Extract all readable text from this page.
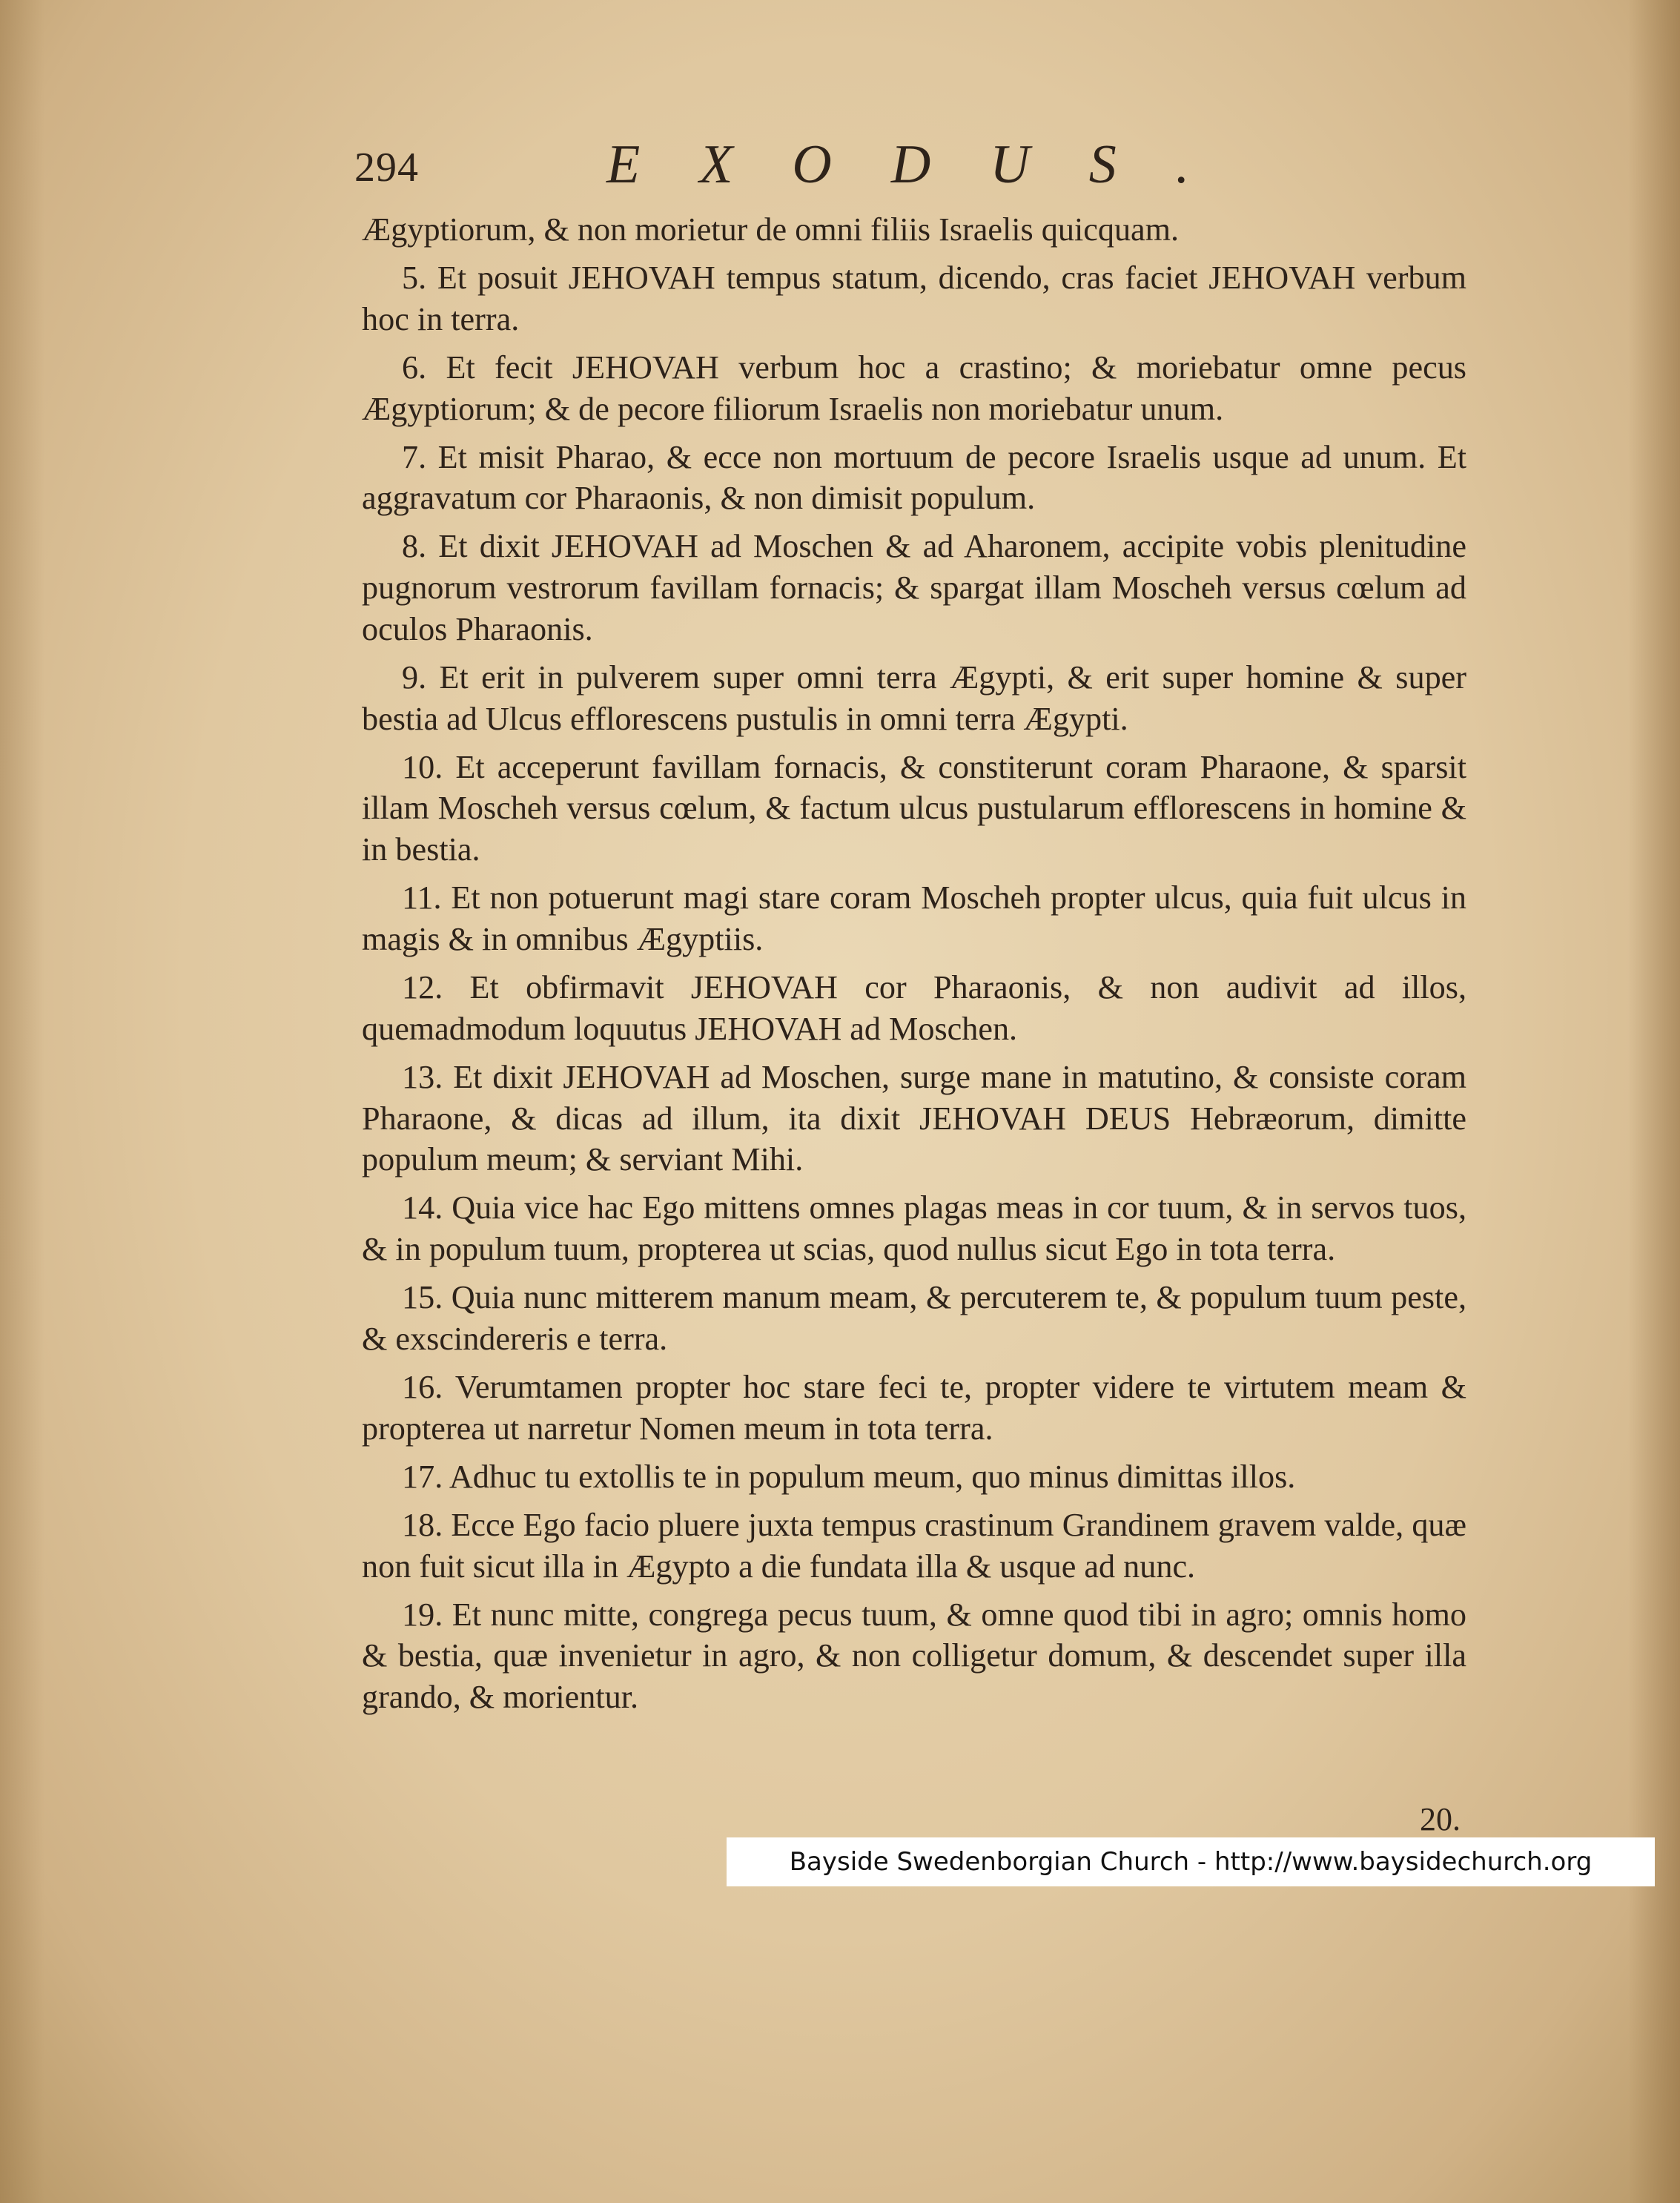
294	EXODUS.

Ægyptiorum, & non morietur de omni filiis Israelis quicquam.

5. Et posuit JEHOVAH tempus statum, dicendo, cras faciet JEHOVAH verbum hoc in terra.

6. Et fecit JEHOVAH verbum hoc a crastino; & moriebatur omne pecus Ægyptiorum; & de pecore filiorum Israelis non moriebatur unum.

7. Et misit Pharao, & ecce non mortuum de pecore Israelis usque ad unum. Et aggravatum cor Pharaonis, & non dimisit populum.

8. Et dixit JEHOVAH ad Moschen & ad Aharonem, accipite vobis plenitudine pugnorum vestrorum favillam fornacis; & spargat illam Moscheh versus cœlum ad oculos Pharaonis.

9. Et erit in pulverem super omni terra Ægypti, & erit super homine & super bestia ad Ulcus efflorescens pustulis in omni terra Ægypti.

10. Et acceperunt favillam fornacis, & constiterunt coram Pharaone, & sparsit illam Moscheh versus cœlum, & factum ulcus pustularum efflorescens in homine & in bestia.

11. Et non potuerunt magi stare coram Moscheh propter ulcus, quia fuit ulcus in magis & in omnibus Ægyptiis.

12. Et obfirmavit JEHOVAH cor Pharaonis, & non audivit ad illos, quemadmodum loquutus JEHOVAH ad Moschen.

13. Et dixit JEHOVAH ad Moschen, surge mane in matutino, & consiste coram Pharaone, & dicas ad illum, ita dixit JEHOVAH DEUS Hebræorum, dimitte populum meum; & serviant Mihi.

14. Quia vice hac Ego mittens omnes plagas meas in cor tuum, & in servos tuos, & in populum tuum, propterea ut scias, quod nullus sicut Ego in tota terra.

15. Quia nunc mitterem manum meam, & percuterem te, & populum tuum peste, & exscindereris e terra.

16. Verumtamen propter hoc stare feci te, propter videre te virtutem meam & propterea ut narretur Nomen meum in tota terra.

17. Adhuc tu extollis te in populum meum, quo minus dimittas illos.

18. Ecce Ego facio pluere juxta tempus crastinum Grandinem gravem valde, quæ non fuit sicut illa in Ægypto a die fundata illa & usque ad nunc.

19. Et nunc mitte, congrega pecus tuum, & omne quod tibi in agro; omnis homo & bestia, quæ invenietur in agro, & non colligetur domum, & descendet super illa grando, & morientur.

20.
Bayside Swedenborgian Church - http://www.baysidechurch.org
